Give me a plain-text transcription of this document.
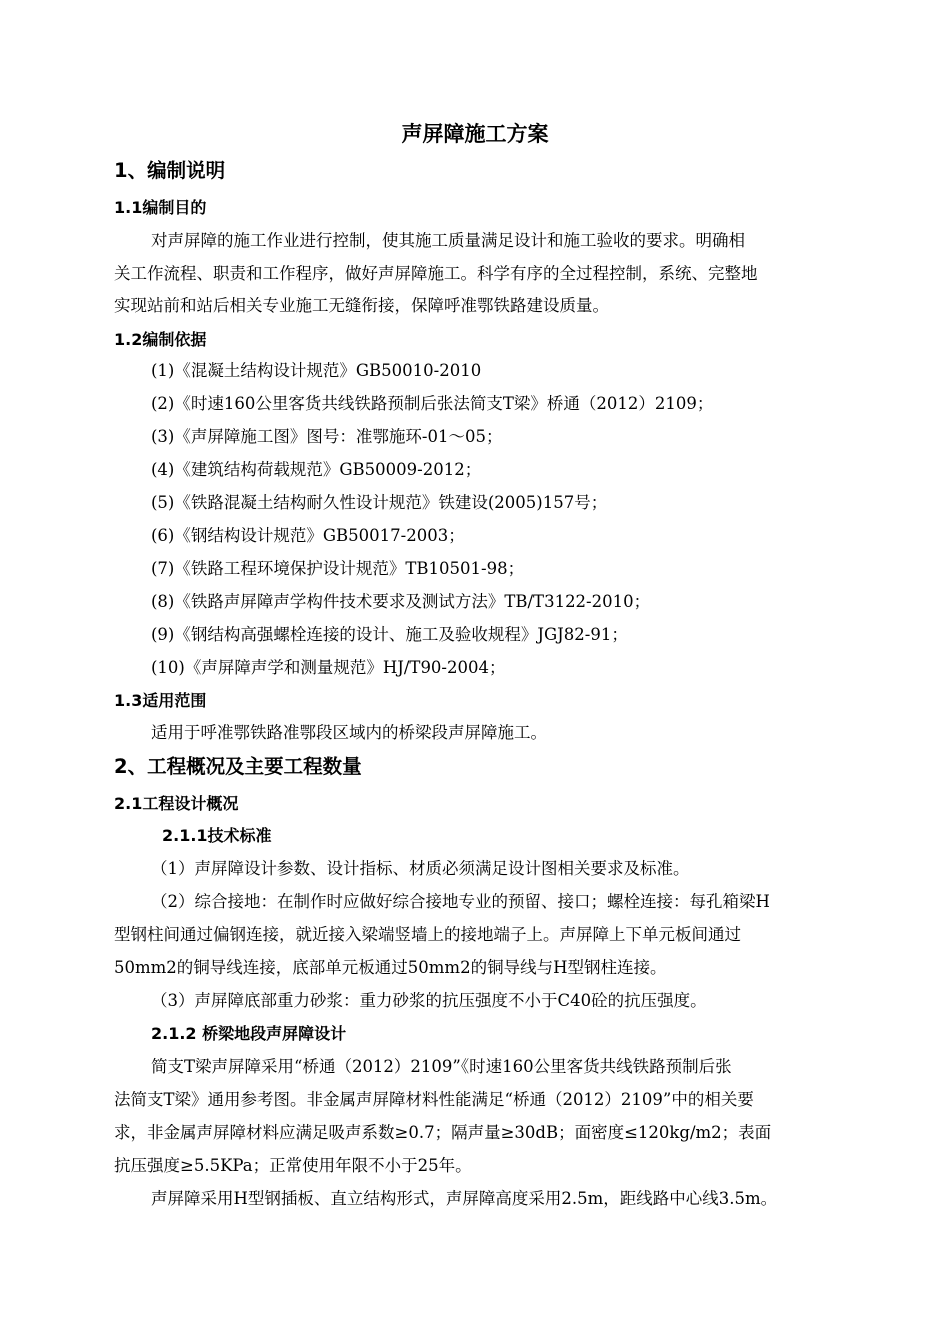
声屏障施工方案
1、编制说明
1.1编制目的
对声屏障的施工作业进行控制，使其施工质量满足设计和施工验收的要求。明确相
关工作流程、职责和工作程序，做好声屏障施工。科学有序的全过程控制，系统、完整地
实现站前和站后相关专业施工无缝衔接，保障呼准鄂铁路建设质量。
1.2编制依据
(1)《混凝土结构设计规范》GB50010-2010
(2)《时速160公里客货共线铁路预制后张法简支T梁》桥通（2012）2109；
(3)《声屏障施工图》图号：准鄂施环-01～05；
(4)《建筑结构荷载规范》GB50009-2012；
(5)《铁路混凝土结构耐久性设计规范》铁建设(2005)157号；
(6)《钢结构设计规范》GB50017-2003；
(7)《铁路工程环境保护设计规范》TB10501-98；
(8)《铁路声屏障声学构件技术要求及测试方法》TB/T3122-2010；
(9)《钢结构高强螺栓连接的设计、施工及验收规程》JGJ82-91；
(10)《声屏障声学和测量规范》HJ/T90-2004；
1.3适用范围
适用于呼准鄂铁路准鄂段区域内的桥梁段声屏障施工。
2、工程概况及主要工程数量
2.1工程设计概况
2.1.1技术标准
（1）声屏障设计参数、设计指标、材质必须满足设计图相关要求及标准。
（2）综合接地：在制作时应做好综合接地专业的预留、接口；螺栓连接：每孔箱梁H
型钢柱间通过偏钢连接，就近接入梁端竖墙上的接地端子上。声屏障上下单元板间通过
50mm2的铜导线连接，底部单元板通过50mm2的铜导线与H型钢柱连接。
（3）声屏障底部重力砂浆：重力砂浆的抗压强度不小于C40砼的抗压强度。
2.1.2 桥梁地段声屏障设计
简支T梁声屏障采用“桥通（2012）2109”《时速160公里客货共线铁路预制后张
法简支T梁》通用参考图。非金属声屏障材料性能满足“桥通（2012）2109”中的相关要
求，非金属声屏障材料应满足吸声系数≥0.7；隔声量≥30dB；面密度≤120kg/m2；表面
抗压强度≥5.5KPa；正常使用年限不小于25年。
声屏障采用H型钢插板、直立结构形式，声屏障高度采用2.5m，距线路中心线3.5m。
